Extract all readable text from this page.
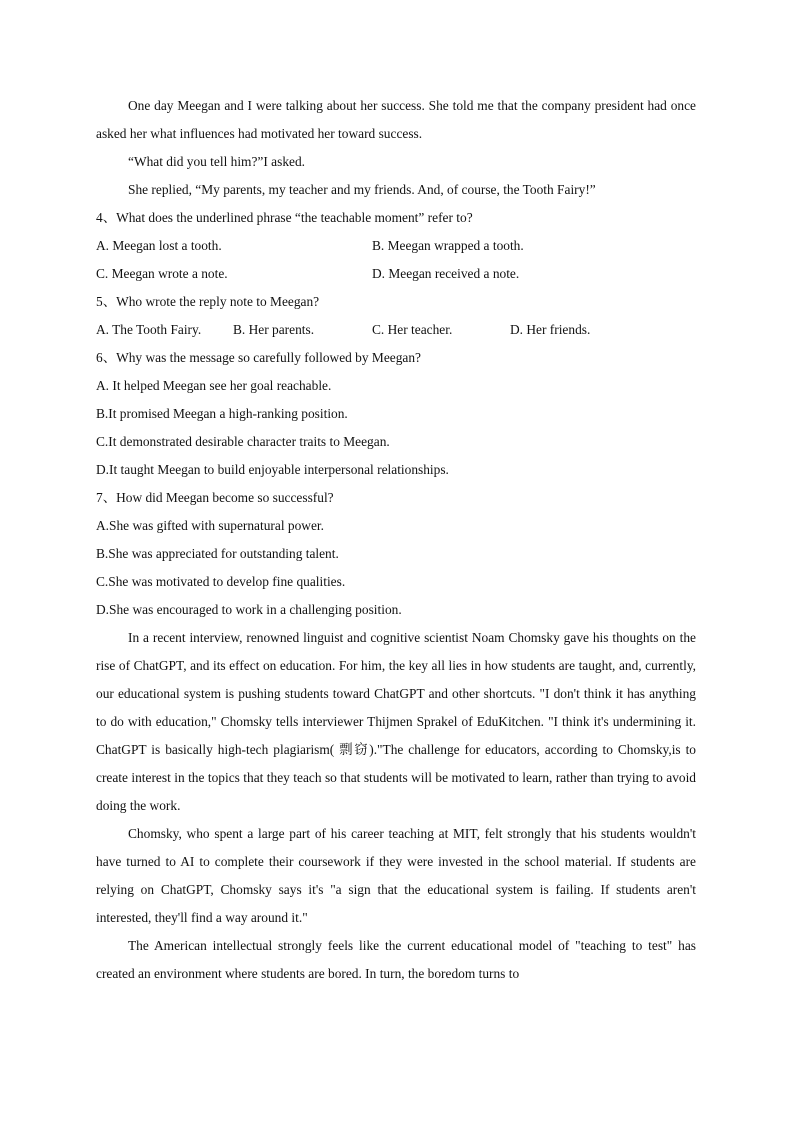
One day Meegan and I were talking about her success. She told me that the company president had once asked her what influences had motivated her toward success.

“What did you tell him?”I asked.
She replied, “My parents, my teacher and my friends. And, of course, the Tooth Fairy!”
4、What does the underlined phrase “the teachable moment” refer to?
A. Meegan lost a tooth.	B. Meegan wrapped a tooth.
C. Meegan wrote a note.	D. Meegan received a note.
5、Who wrote the reply note to Meegan?
A. The Tooth Fairy.	B. Her parents.	C. Her teacher.	D. Her friends.
6、Why was the message so carefully followed by Meegan?
A. It helped Meegan see her goal reachable.
B.It promised Meegan a high-ranking position.
C.It demonstrated desirable character traits to Meegan.
D.It taught Meegan to build enjoyable interpersonal relationships.
7、How did Meegan become so successful?
A.She was gifted with supernatural power.
B.She was appreciated for outstanding talent.
C.She was motivated to develop fine qualities.
D.She was encouraged to work in a challenging position.

In a recent interview, renowned linguist and cognitive scientist Noam Chomsky gave his thoughts on the rise of ChatGPT, and its effect on education. For him, the key all lies in how students are taught, and, currently, our educational system is pushing students toward ChatGPT and other shortcuts. "I don't think it has anything to do with education," Chomsky tells interviewer Thijmen Sprakel of EduKitchen. "I think it's undermining it. ChatGPT is basically high-tech plagiarism( 剽窃)."The challenge for educators, according to Chomsky,is to create interest in the topics that they teach so that students will be motivated to learn, rather than trying to avoid doing the work.

Chomsky, who spent a large part of his career teaching at MIT, felt strongly that his students wouldn't have turned to AI to complete their coursework if they were invested in the school material. If students are relying on ChatGPT, Chomsky says it's "a sign that the educational system is failing. If students aren't interested, they'll find a way around it."

The American intellectual strongly feels like the current educational model of "teaching to test" has created an environment where students are bored. In turn, the boredom turns to
